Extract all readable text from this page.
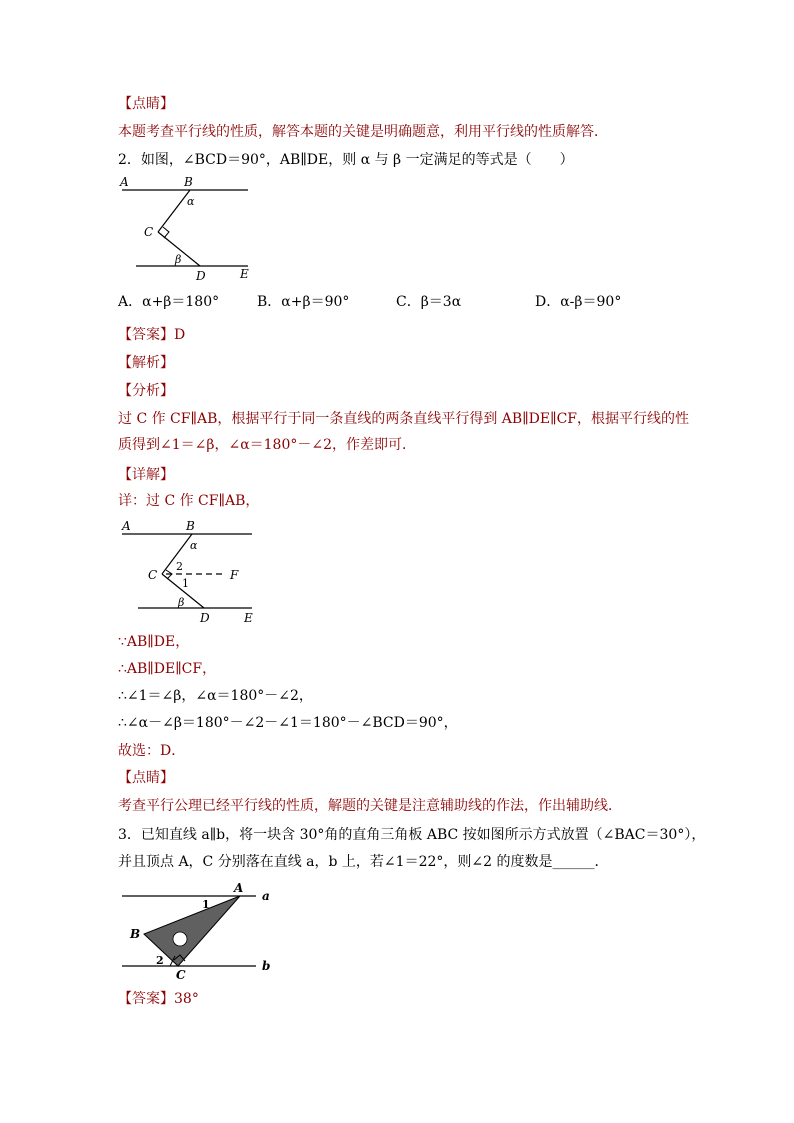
【点睛】
本题考查平行线的性质，解答本题的关键是明确题意，利用平行线的性质解答．
2．如图，∠BCD＝90°，AB∥DE，则 α 与 β 一定满足的等式是（　　）
A	B
α
C
β
D	E
A．α+β＝180°	B．α+β＝90°	C．β＝3α	D．α-β＝90°
【答案】D
【解析】
【分析】
过 C 作 CF∥AB，根据平行于同一条直线的两条直线平行得到 AB∥DE∥CF，根据平行线的性
质得到∠1＝∠β，∠α＝180°－∠2，作差即可．
【详解】
详：过 C 作 CF∥AB，
A	B
α
2
C	F
1
β
D	E
∵AB∥DE，
∴AB∥DE∥CF，
∴∠1＝∠β，∠α＝180°－∠2，
∴∠α－∠β＝180°－∠2－∠1＝180°－∠BCD＝90°，
故选：D．
【点睛】
考查平行公理已经平行线的性质，解题的关键是注意辅助线的作法，作出辅助线．
3．已知直线 a∥b，将一块含 30°角的直角三角板 ABC 按如图所示方式放置（∠BAC＝30°），
并且顶点 A，C 分别落在直线 a，b 上，若∠1＝22°，则∠2 的度数是______．
A
a
1
B
2	b
C
【答案】38°
